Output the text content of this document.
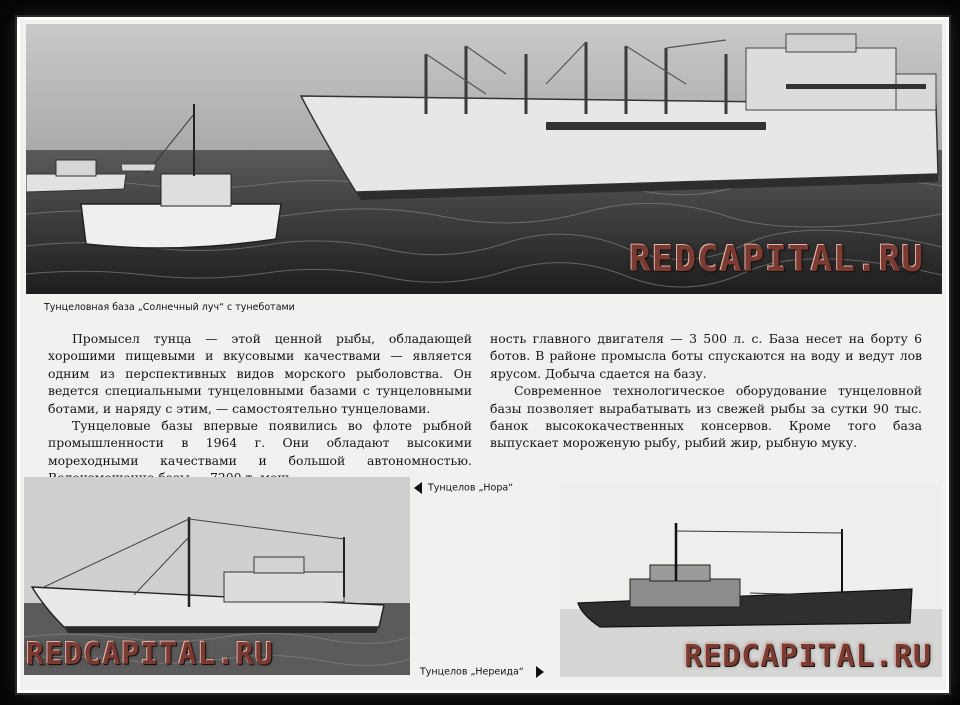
REDCAPITAL.RU
Тунцеловная база „Солнечный луч“ с тунеботами

Промысел тунца — этой ценной рыбы, обладающей хорошими пищевыми и вкусовыми качествами — является одним из перспективных видов морского рыболовства. Он ведется специальными тунцеловными базами с тунцеловными ботами, и наряду с этим, — самостоятельно тунцеловами.

Тунцеловые базы впервые появились во флоте рыбной промышленности в 1964 г. Они обладают высокими мореходными качествами и большой автономностью.

ность главного двигателя — 3 500 л. с. База несет на борту 6 ботов. В районе промысла боты спускаются на воду и ведут лов ярусом. Добыча сдается на базу.

Современное технологическое оборудование тунцеловной базы позволяет вырабатывать из свежей рыбы за сутки 90 тыс. банок высококачественных консервов. Кроме того база выпускает мороженую рыбу, рыбий жир, рыбную муку.

REDCAPITAL.RU
Тунцелов „Нора“
REDCAPITAL.RU
Тунцелов „Нереида“
